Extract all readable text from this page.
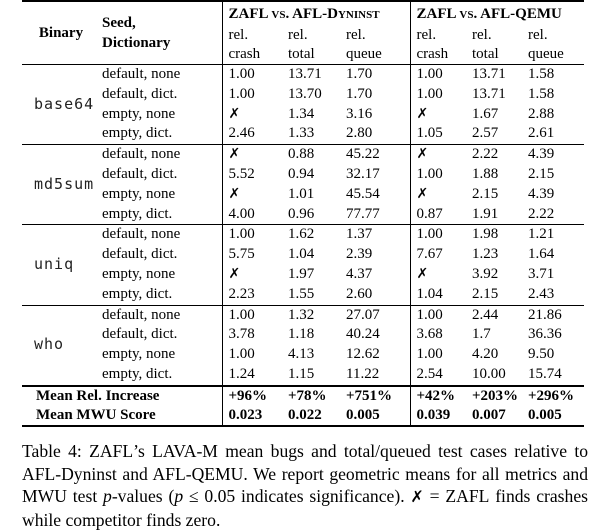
Binary	Seed,
Dictionary	ZAFL vs. AFL-Dyninst			ZAFL vs. AFL-QEMU		
		rel.	rel.	rel.	rel.	rel.	rel.
		crash	total	queue	crash	total	queue
base64	default, none	1.00	13.71	1.70	1.00	13.71	1.58
	default, dict.	1.00	13.70	1.70	1.00	13.71	1.58
	empty, none	✗	1.34	3.16	✗	1.67	2.88
	empty, dict.	2.46	1.33	2.80	1.05	2.57	2.61
md5sum	default, none	✗	0.88	45.22	✗	2.22	4.39
	default, dict.	5.52	0.94	32.17	1.00	1.88	2.15
	empty, none	✗	1.01	45.54	✗	2.15	4.39
	empty, dict.	4.00	0.96	77.77	0.87	1.91	2.22
uniq	default, none	1.00	1.62	1.37	1.00	1.98	1.21
	default, dict.	5.75	1.04	2.39	7.67	1.23	1.64
	empty, none	✗	1.97	4.37	✗	3.92	3.71
	empty, dict.	2.23	1.55	2.60	1.04	2.15	2.43
who	default, none	1.00	1.32	27.07	1.00	2.44	21.86
	default, dict.	3.78	1.18	40.24	3.68	1.7	36.36
	empty, none	1.00	4.13	12.62	1.00	4.20	9.50
	empty, dict.	1.24	1.15	11.22	2.54	10.00	15.74
Mean Rel. Increase		+96%	+78%	+751%	+42%	+203%	+296%
Mean MWU Score		0.023	0.022	0.005	0.039	0.007	0.005
Table 4: ZAFL’s LAVA-M mean bugs and total/queued test cases relative to AFL-Dyninst and AFL-QEMU. We report geometric means for all metrics and MWU test p-values (p ≤ 0.05 indicates significance). ✗ = ZAFL finds crashes while competitor finds zero.
